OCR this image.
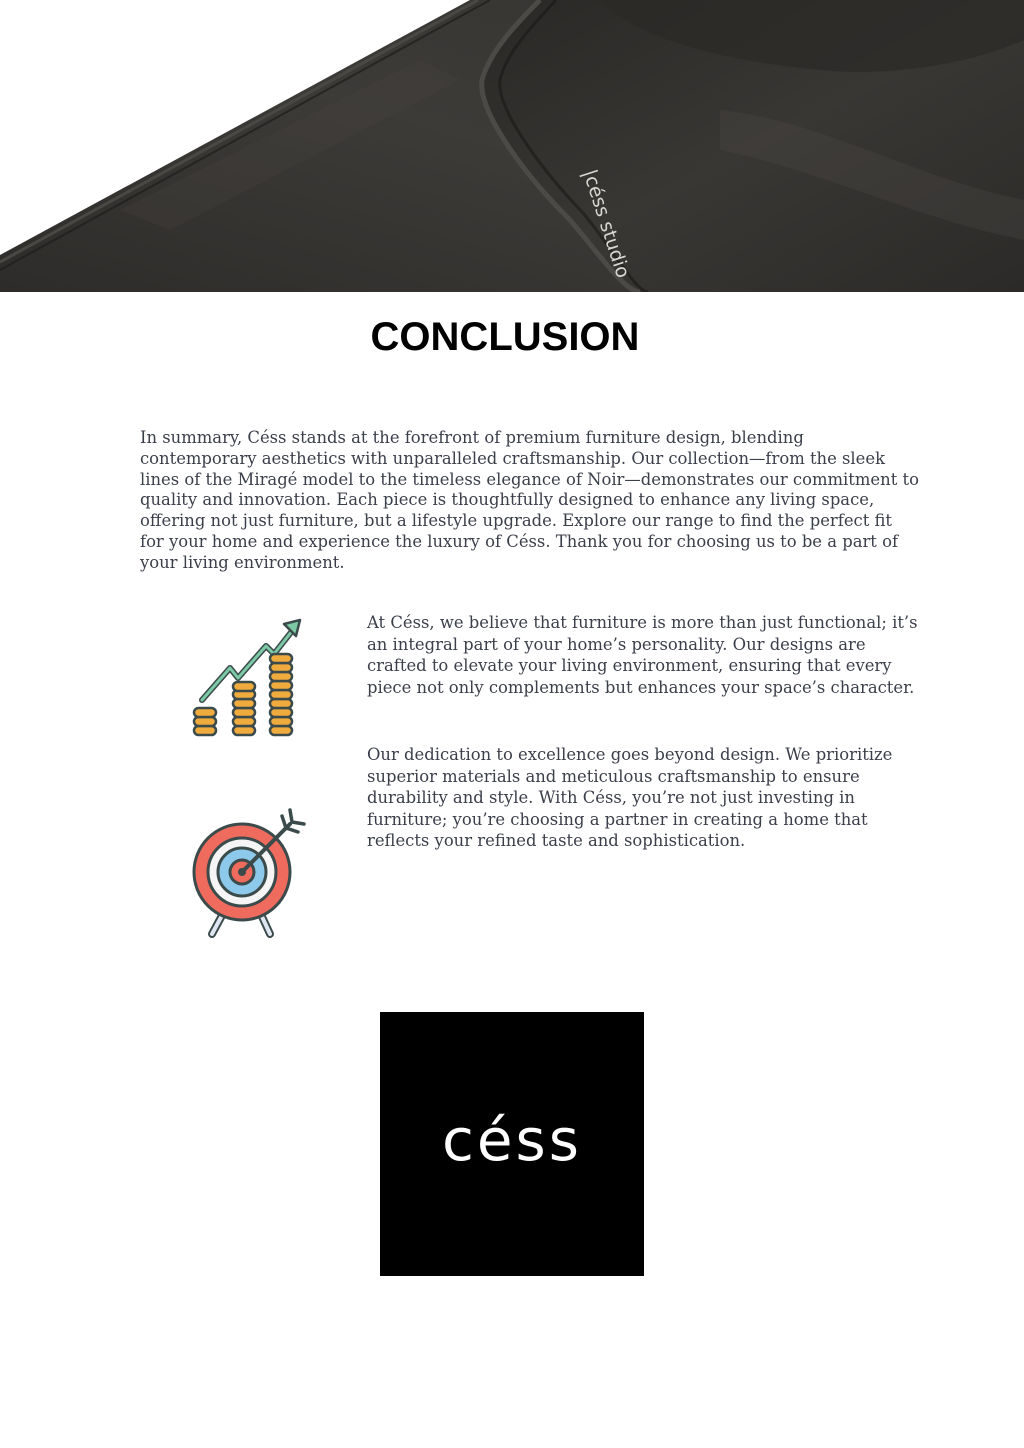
|céss studio
CONCLUSION

In summary, Céss stands at the forefront of premium furniture design, blending contemporary aesthetics with unparalleled craftsmanship. Our collection—from the sleek lines of the Miragé model to the timeless elegance of Noir—demonstrates our commitment to quality and innovation. Each piece is thoughtfully designed to enhance any living space, offering not just furniture, but a lifestyle upgrade. Explore our range to find the perfect fit for your home and experience the luxury of Céss. Thank you for choosing us to be a part of your living environment.

At Céss, we believe that furniture is more than just functional; it’s an integral part of your home’s personality. Our designs are crafted to elevate your living environment, ensuring that every piece not only complements but enhances your space’s character.

Our dedication to excellence goes beyond design. We prioritize superior materials and meticulous craftsmanship to ensure durability and style. With Céss, you’re not just investing in furniture; you’re choosing a partner in creating a home that reflects your refined taste and sophistication.

céss
